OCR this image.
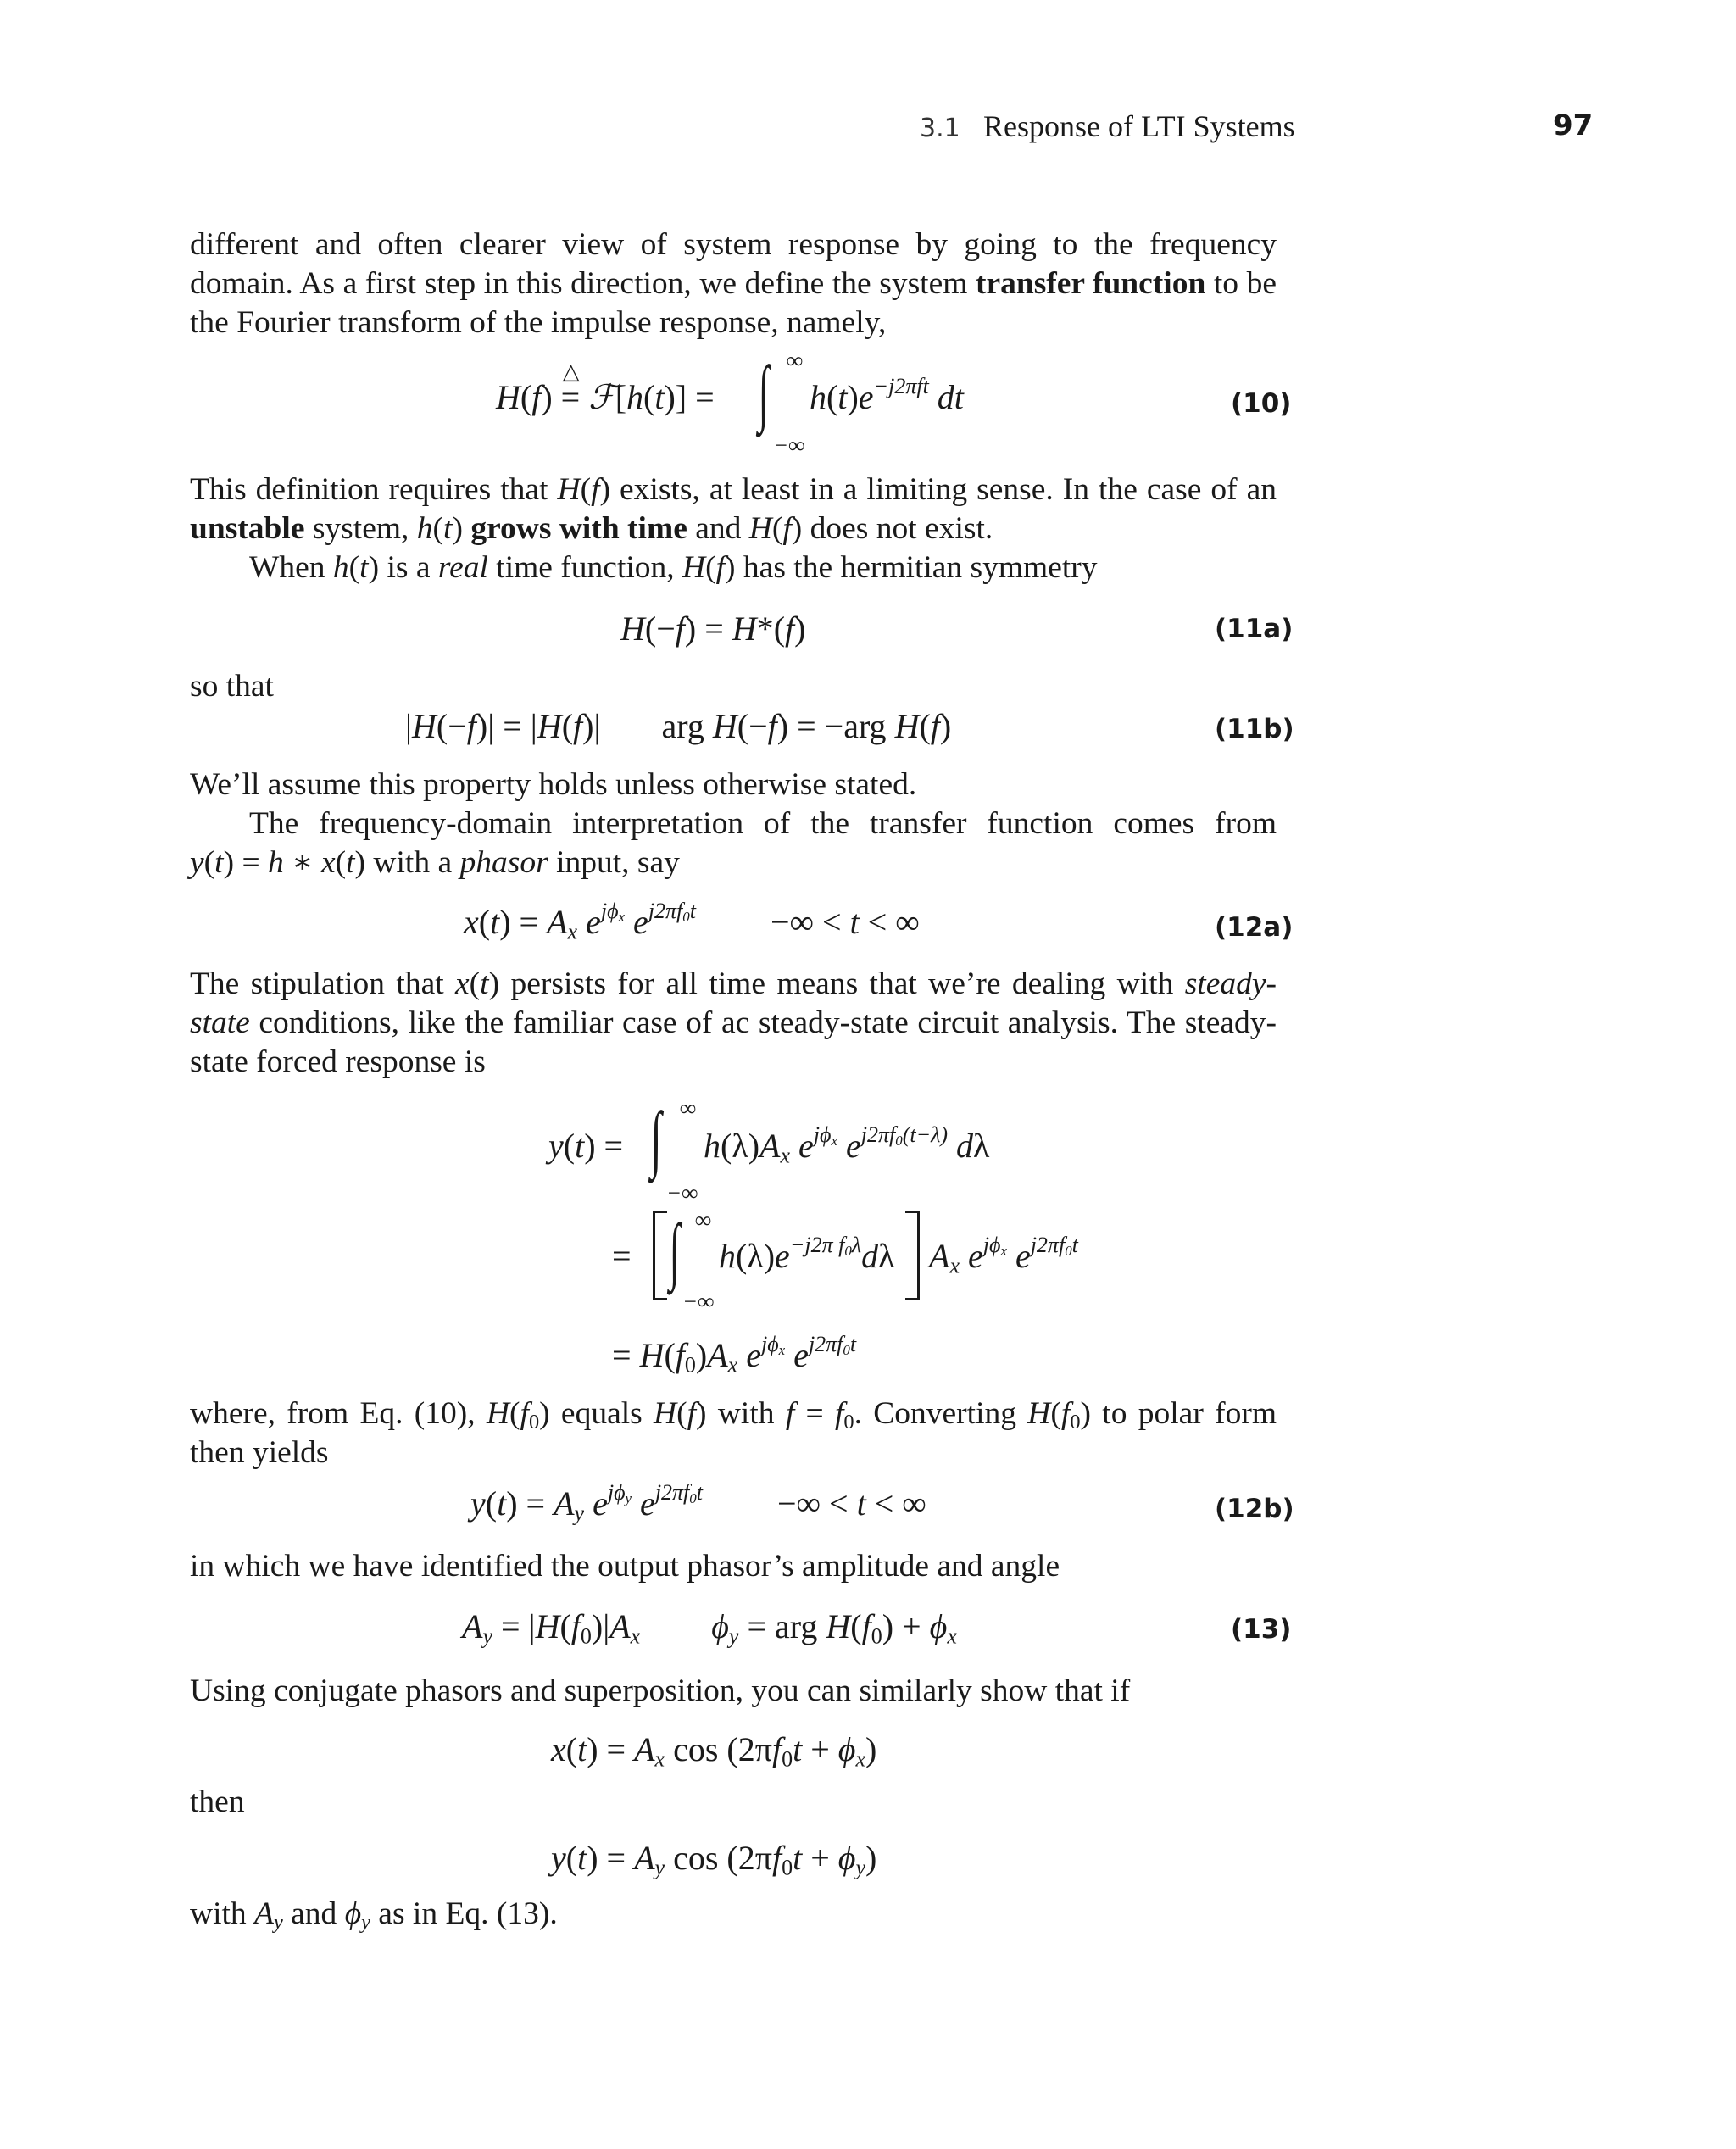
3.1 Response of LTI Systems	97

different and often clearer view of system response by going to the frequency domain. As a first step in this direction, we define the system transfer function to be the Fourier transform of the impulse response, namely,

H(f)
△
= ℱ[h(t)] = ∫ ∞
−∞
$h(t)e^{-j2\pi ft}$ dt	(10)

This definition requires that H(f) exists, at least in a limiting sense. In the case of an unstable system, h(t) grows with time and H(f) does not exist.

When h(t) is a real time function, H(f) has the hermitian symmetry
H(−f) = H*(f)	(11a)
so that
|H(−f)| = |H(f)| arg H(−f) = −arg H(f)	(11b)
We’ll assume this property holds unless otherwise stated.
The frequency-domain interpretation of the transfer function comes from
y(t) = h ∗ x(t) with a phasor input, say
$x(t) = A_x$ $e^{j\phi_x}$ $e^{j2\pi f_0t}$ −∞ < t < ∞	(12a)

The stipulation that x(t) persists for all time means that we’re dealing with steady-state conditions, like the familiar case of ac steady-state circuit analysis. The steady-state forced response is

y(t) = ∫ ∞
−∞
$h(\lambda)A_x$ $e^{j\phi_x}$ $e^{j2\pi f_0(t-\lambda)}$ dλ
= ∫ ∞
−∞
$h(\lambda)e^{-j2\pi f_0\lambda}d\lambda$ $A_x$ $e^{j\phi_x}$ $e^{j2\pi f_0t}$
= $H(f_0)A_x$ $e^{j\phi_x}$ $e^{j2\pi f_0t}$

where, from Eq. (10), $H(f_0)$ equals H(f) with $f = f_0$. Converting $H(f_0)$ to polar form then yields

$y(t) = A_y$ $e^{j\phi_y}$ $e^{j2\pi f_0t}$ −∞ < t < ∞	(12b)
in which we have identified the output phasor’s amplitude and angle
$A_y = |H(f_0)|A_x$ $\phi_y$ = arg $H(f_0) + \phi_x$	(13)
Using conjugate phasors and superposition, you can similarly show that if
$x(t) = A_x$ $\cos (2\pi f_0t + \phi_x)$
then
$y(t) = A_y$ $\cos (2\pi f_0t + \phi_y)$
with $A_y$ and $\phi_y$ as in Eq. (13).
